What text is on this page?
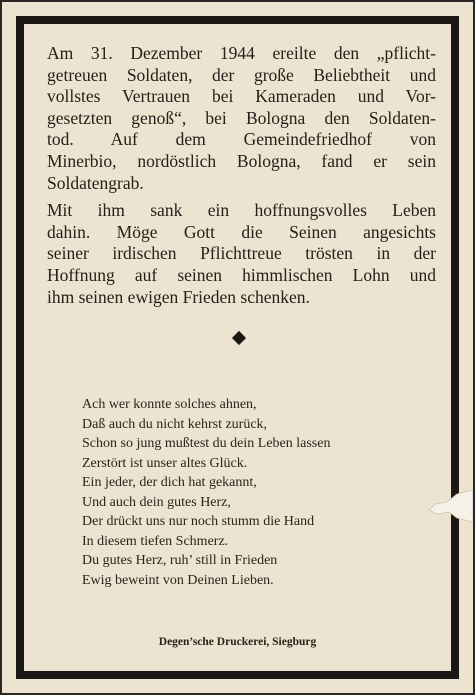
Am 31. Dezember 1944 ereilte den „pflicht-
getreuen Soldaten, der große Beliebtheit und
vollstes Vertrauen bei Kameraden und Vor-
gesetzten genoß“, bei Bologna den Soldaten-
tod. Auf dem Gemeindefriedhof von
Minerbio, nordöstlich Bologna, fand er sein
Soldatengrab.

Mit ihm sank ein hoffnungsvolles Leben
dahin. Möge Gott die Seinen angesichts
seiner irdischen Pflichttreue trösten in der
Hoffnung auf seinen himmlischen Lohn und
ihm seinen ewigen Frieden schenken.

Ach wer konnte solches ahnen,
Daß auch du nicht kehrst zurück,
Schon so jung mußtest du dein Leben lassen
Zerstört ist unser altes Glück.
Ein jeder, der dich hat gekannt,
Und auch dein gutes Herz,
Der drückt uns nur noch stumm die Hand
In diesem tiefen Schmerz.
Du gutes Herz, ruh’ still in Frieden
Ewig beweint von Deinen Lieben.
Degen’sche Druckerei, Siegburg
